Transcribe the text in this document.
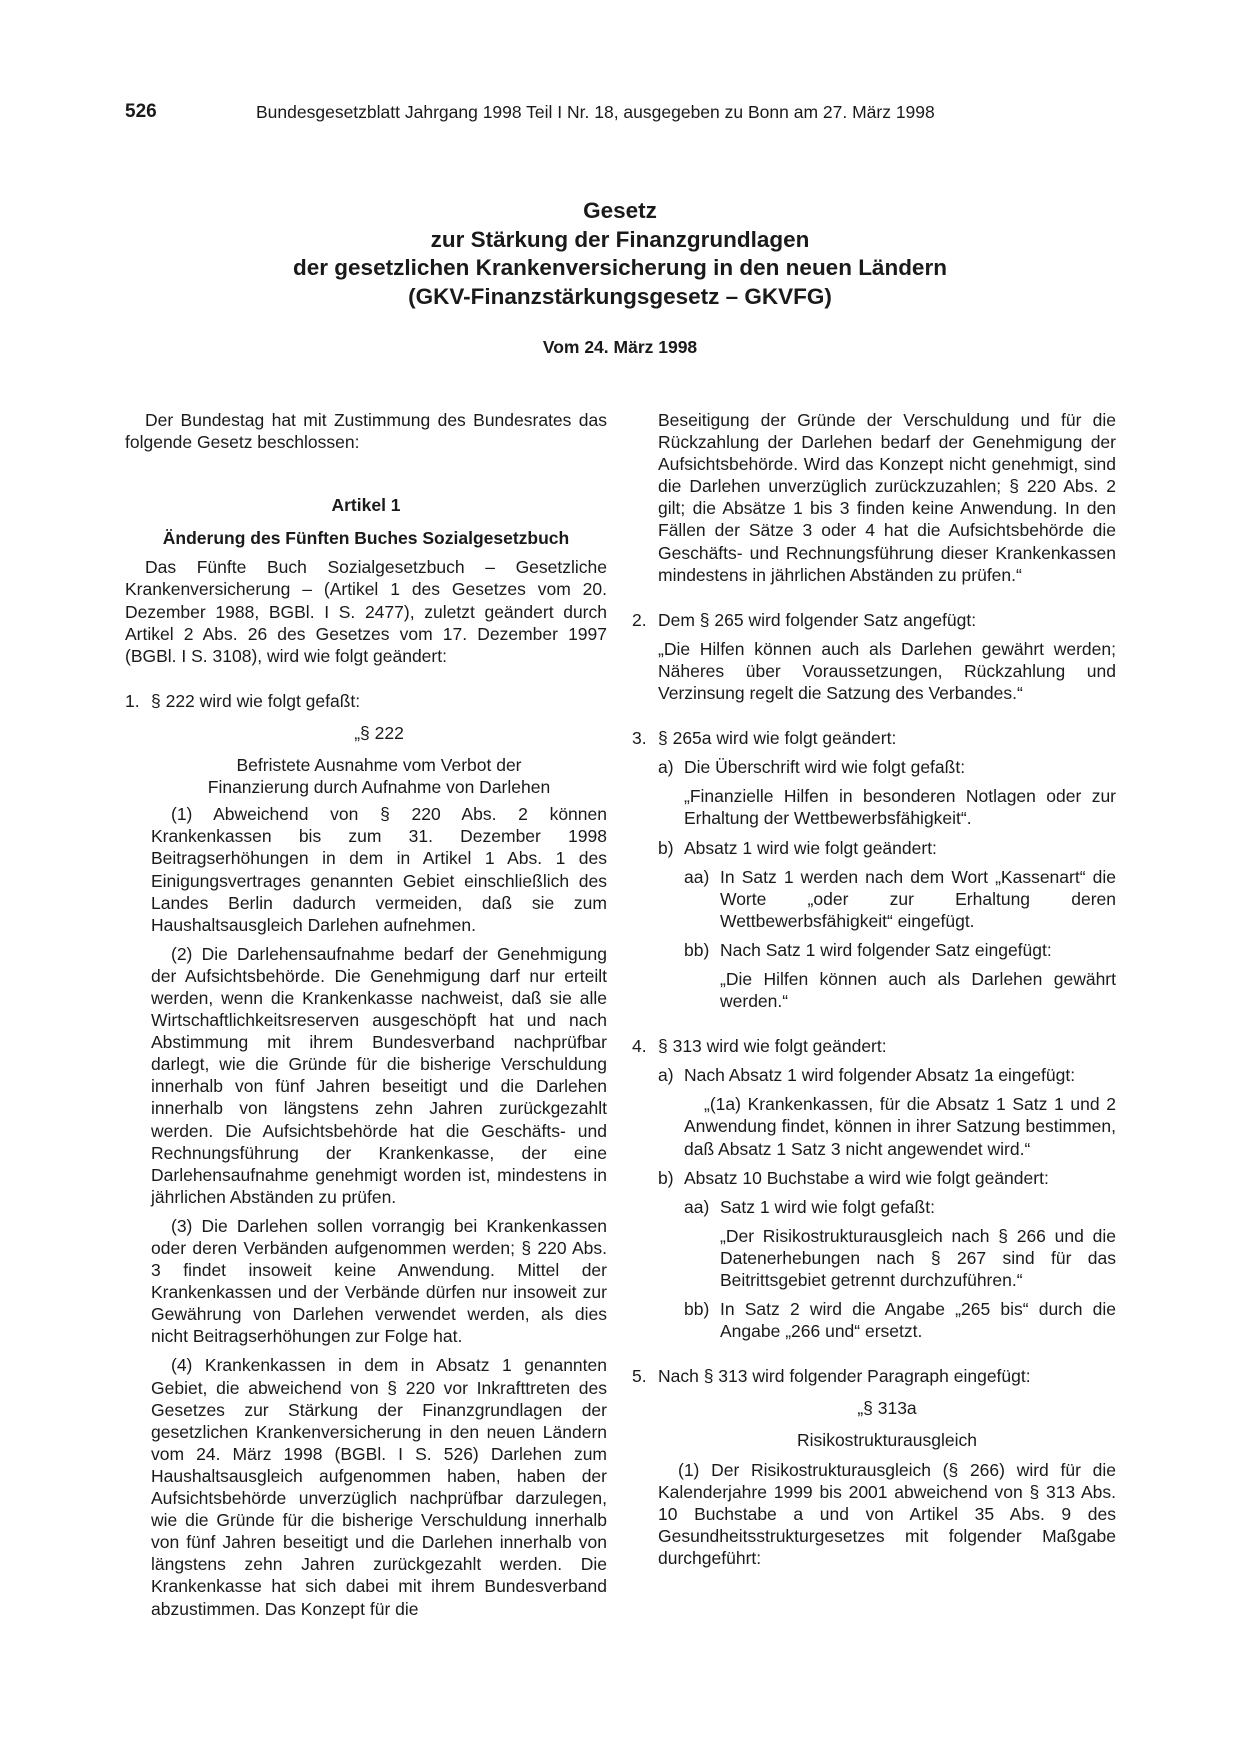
526	Bundesgesetzblatt Jahrgang 1998 Teil I Nr. 18, ausgegeben zu Bonn am 27. März 1998
Gesetz
zur Stärkung der Finanzgrundlagen
der gesetzlichen Krankenversicherung in den neuen Ländern
(GKV-Finanzstärkungsgesetz – GKVFG)
Vom 24. März 1998

Der Bundestag hat mit Zustimmung des Bundesrates das folgende Gesetz beschlossen:

Artikel 1

Änderung des Fünften Buches Sozialgesetzbuch

Das Fünfte Buch Sozialgesetzbuch – Gesetzliche Krankenversicherung – (Artikel 1 des Gesetzes vom 20. Dezember 1988, BGBl. I S. 2477), zuletzt geändert durch Artikel 2 Abs. 26 des Gesetzes vom 17. Dezember 1997 (BGBl. I S. 3108), wird wie folgt geändert:

1. § 222 wird wie folgt gefaßt:

„§ 222

Befristete Ausnahme vom Verbot der

Finanzierung durch Aufnahme von Darlehen

(1) Abweichend von § 220 Abs. 2 können Krankenkassen bis zum 31. Dezember 1998 Beitragserhöhungen in dem in Artikel 1 Abs. 1 des Einigungsvertrages genannten Gebiet einschließlich des Landes Berlin dadurch vermeiden, daß sie zum Haushaltsausgleich Darlehen aufnehmen.

(2) Die Darlehensaufnahme bedarf der Genehmigung der Aufsichtsbehörde. Die Genehmigung darf nur erteilt werden, wenn die Krankenkasse nachweist, daß sie alle Wirtschaftlichkeitsreserven ausgeschöpft hat und nach Abstimmung mit ihrem Bundesverband nachprüfbar darlegt, wie die Gründe für die bisherige Verschuldung innerhalb von fünf Jahren beseitigt und die Darlehen innerhalb von längstens zehn Jahren zurückgezahlt werden. Die Aufsichtsbehörde hat die Geschäfts- und Rechnungsführung der Krankenkasse, der eine Darlehensaufnahme genehmigt worden ist, mindestens in jährlichen Abständen zu prüfen.

(3) Die Darlehen sollen vorrangig bei Krankenkassen oder deren Verbänden aufgenommen werden; § 220 Abs. 3 findet insoweit keine Anwendung. Mittel der Krankenkassen und der Verbände dürfen nur insoweit zur Gewährung von Darlehen verwendet werden, als dies nicht Beitragserhöhungen zur Folge hat.

(4) Krankenkassen in dem in Absatz 1 genannten Gebiet, die abweichend von § 220 vor Inkrafttreten des Gesetzes zur Stärkung der Finanzgrundlagen der gesetzlichen Krankenversicherung in den neuen Ländern vom 24. März 1998 (BGBl. I S. 526) Darlehen zum Haushaltsausgleich aufgenommen haben, haben der Aufsichtsbehörde unverzüglich nachprüfbar darzulegen, wie die Gründe für die bisherige Verschuldung innerhalb von fünf Jahren beseitigt und die Darlehen innerhalb von längstens zehn Jahren zurückgezahlt werden. Die Krankenkasse hat sich dabei mit ihrem Bundesverband abzustimmen. Das Konzept für die

Beseitigung der Gründe der Verschuldung und für die Rückzahlung der Darlehen bedarf der Genehmigung der Aufsichtsbehörde. Wird das Konzept nicht genehmigt, sind die Darlehen unverzüglich zurückzuzahlen; § 220 Abs. 2 gilt; die Absätze 1 bis 3 finden keine Anwendung. In den Fällen der Sätze 3 oder 4 hat die Aufsichtsbehörde die Geschäfts- und Rechnungsführung dieser Krankenkassen mindestens in jährlichen Abständen zu prüfen.“

2. Dem § 265 wird folgender Satz angefügt:

„Die Hilfen können auch als Darlehen gewährt werden; Näheres über Voraussetzungen, Rückzahlung und Verzinsung regelt die Satzung des Verbandes.“

3. § 265a wird wie folgt geändert:
a) Die Überschrift wird wie folgt gefaßt:

„Finanzielle Hilfen in besonderen Notlagen oder zur Erhaltung der Wettbewerbsfähigkeit“.

b) Absatz 1 wird wie folgt geändert:
aa) In Satz 1 werden nach dem Wort „Kassenart“ die Worte „oder zur Erhaltung deren Wettbewerbsfähigkeit“ eingefügt.
bb) Nach Satz 1 wird folgender Satz eingefügt:

„Die Hilfen können auch als Darlehen gewährt werden.“

4. § 313 wird wie folgt geändert:
a) Nach Absatz 1 wird folgender Absatz 1a eingefügt:

„(1a) Krankenkassen, für die Absatz 1 Satz 1 und 2 Anwendung findet, können in ihrer Satzung bestimmen, daß Absatz 1 Satz 3 nicht angewendet wird.“

b) Absatz 10 Buchstabe a wird wie folgt geändert:
aa) Satz 1 wird wie folgt gefaßt:

„Der Risikostrukturausgleich nach § 266 und die Datenerhebungen nach § 267 sind für das Beitrittsgebiet getrennt durchzuführen.“

bb) In Satz 2 wird die Angabe „265 bis“ durch die Angabe „266 und“ ersetzt.
5. Nach § 313 wird folgender Paragraph eingefügt:

„§ 313a

Risikostrukturausgleich

(1) Der Risikostrukturausgleich (§ 266) wird für die Kalenderjahre 1999 bis 2001 abweichend von § 313 Abs. 10 Buchstabe a und von Artikel 35 Abs. 9 des Gesundheitsstrukturgesetzes mit folgender Maßgabe durchgeführt:
